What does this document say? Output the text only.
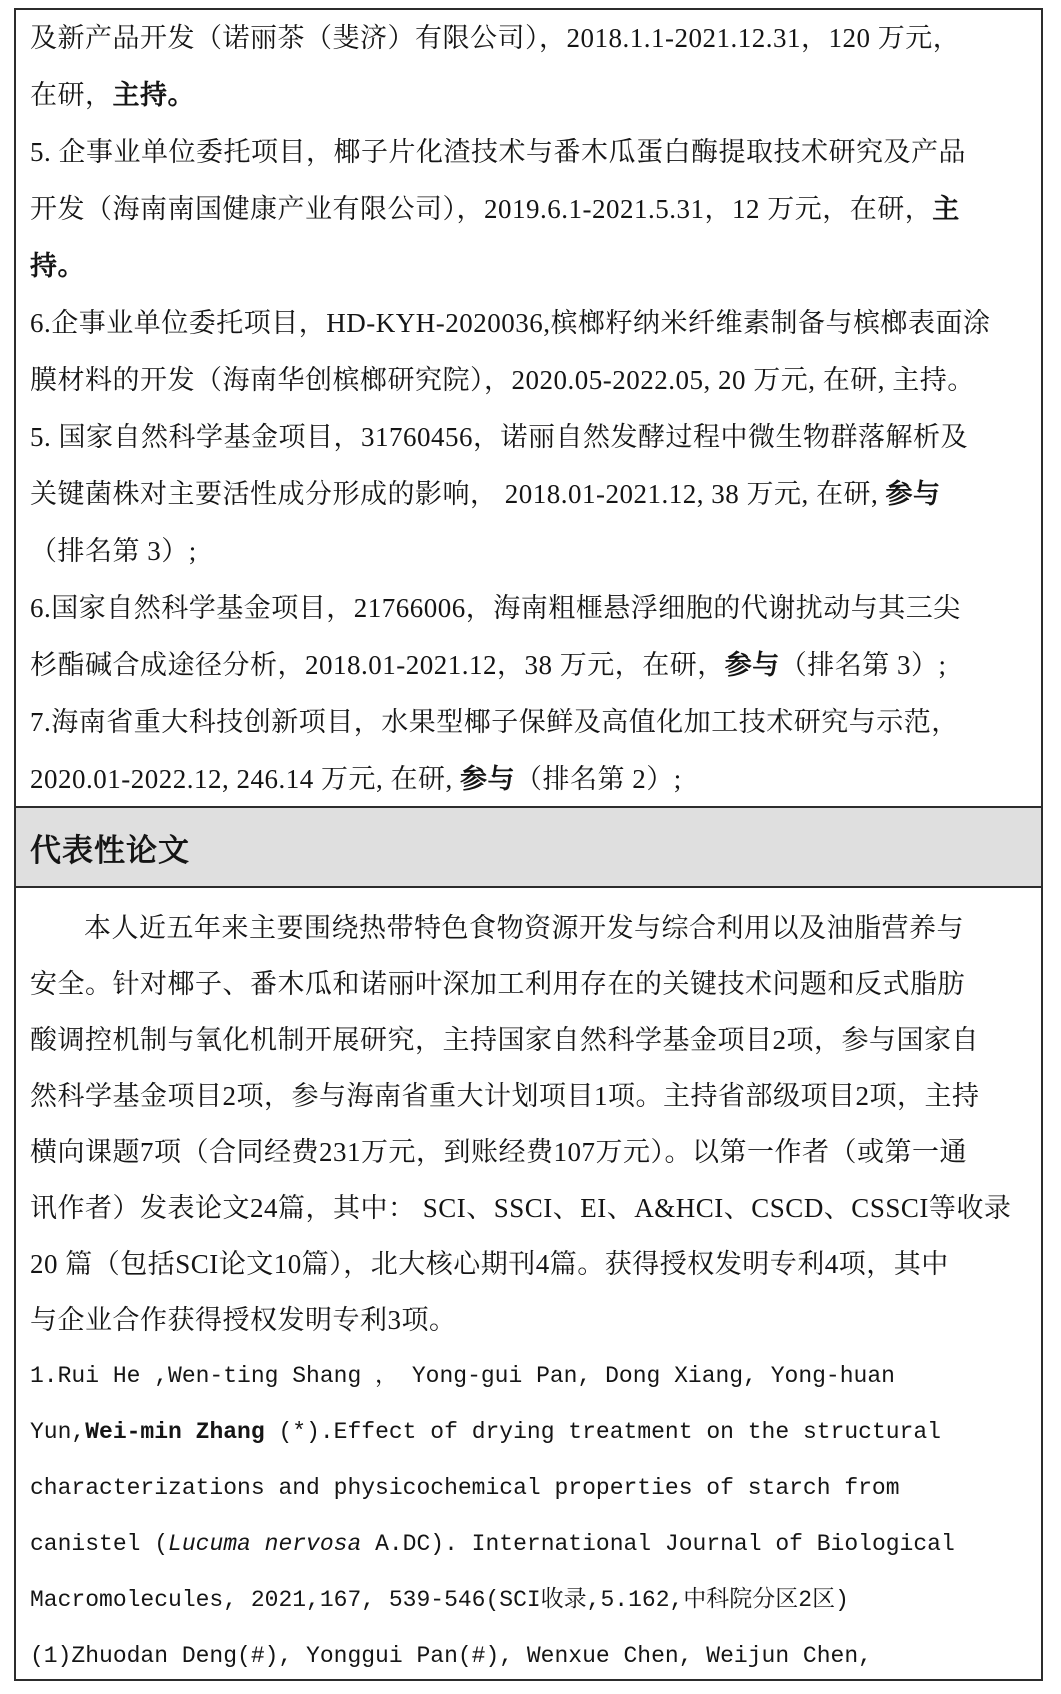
及新产品开发（诺丽茶（斐济）有限公司），2018.1.1-2021.12.31，120 万元，
在研，主持。
5. 企事业单位委托项目，椰子片化渣技术与番木瓜蛋白酶提取技术研究及产品
开发（海南南国健康产业有限公司），2019.6.1-2021.5.31，12 万元，在研，主
持。
6.企事业单位委托项目，HD-KYH-2020036,槟榔籽纳米纤维素制备与槟榔表面涂
膜材料的开发（海南华创槟榔研究院），2020.05-2022.05, 20 万元, 在研, 主持。
5. 国家自然科学基金项目，31760456，诺丽自然发酵过程中微生物群落解析及
关键菌株对主要活性成分形成的影响， 2018.01-2021.12, 38 万元, 在研, 参与
（排名第 3）;
6.国家自然科学基金项目，21766006，海南粗榧悬浮细胞的代谢扰动与其三尖
杉酯碱合成途径分析，2018.01-2021.12，38 万元，在研，参与（排名第 3）;
7.海南省重大科技创新项目，水果型椰子保鲜及高值化加工技术研究与示范，
2020.01-2022.12, 246.14 万元, 在研, 参与（排名第 2）;
代表性论文
本人近五年来主要围绕热带特色食物资源开发与综合利用以及油脂营养与
安全。针对椰子、番木瓜和诺丽叶深加工利用存在的关键技术问题和反式脂肪
酸调控机制与氧化机制开展研究，主持国家自然科学基金项目2项，参与国家自
然科学基金项目2项，参与海南省重大计划项目1项。主持省部级项目2项，主持
横向课题7项（合同经费231万元，到账经费107万元）。以第一作者（或第一通
讯作者）发表论文24篇，其中： SCI、SSCI、EI、A&HCI、CSCD、CSSCI等收录
20 篇（包括SCI论文10篇），北大核心期刊4篇。获得授权发明专利4项，其中
与企业合作获得授权发明专利3项。
1.Rui He ,Wen-ting Shang ， Yong-gui Pan, Dong Xiang, Yong-huan
Yun,Wei-min Zhang (*).Effect of drying treatment on the structural
characterizations and physicochemical properties of starch from
canistel (Lucuma nervosa A.DC). International Journal of Biological
Macromolecules, 2021,167, 539-546(SCI收录,5.162,中科院分区2区)
(1)Zhuodan Deng(#), Yonggui Pan(#), Wenxue Chen, Weijun Chen,
